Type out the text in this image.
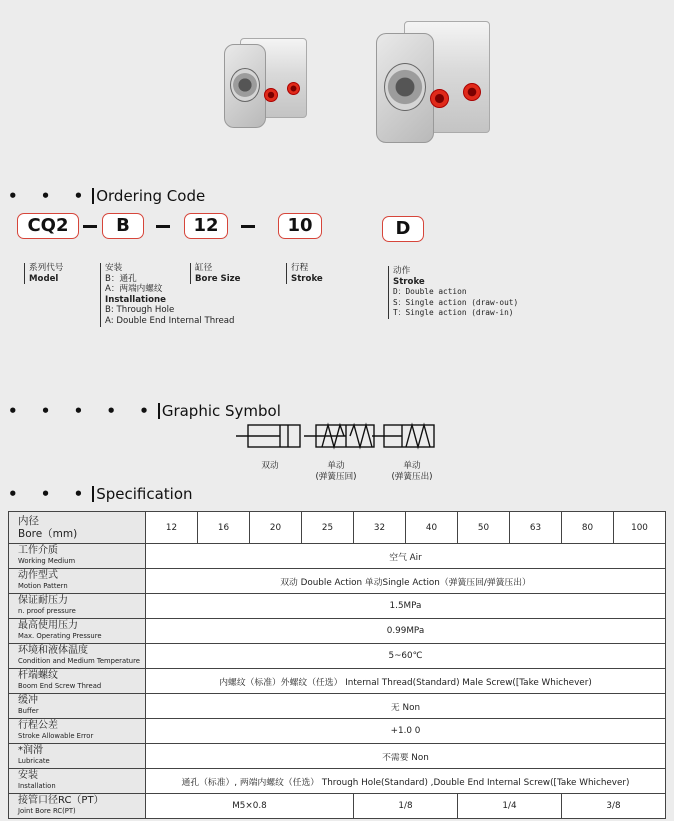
• • • Ordering Code
CQ2	B	12	10	D
系列代号
Model
安装
B：通孔
A：两端内螺纹
Installatione
B: Through Hole
A: Double End Internal Thread
缸径
Bore Size
行程
Stroke
动作
Stroke
D：Double action
S：Single action (draw-out)
T：Single action (draw-in)
• • • • • Graphic Symbol
双动	单动
(弹簧压回)
单动
(弹簧压出)
• • • Specification
内径
Bore（mm)	12	16	20	25	32	40	50	63	80	100

工作介质
Working Medium	空气 Air									

动作型式
Motion Pattern	双动 Double Action 单动Single Action（弹簧压回/弹簧压出）									

保证耐压力
n. proof pressure	1.5MPa									

最高使用压力
Max. Operating Pressure	0.99MPa									

环境和液体温度
Condition and Medium Temperature	5~60℃									

杆端螺纹
Boom End Screw Thread	内螺纹（标准）外螺纹（任选） Internal Thread(Standard) Male Screw([Take Whichever)									

缓冲
Buffer	无 Non									

行程公差
Stroke Allowable Error	+1.0 0									

*润滑
Lubricate	不需要 Non									

安装
Installation	通孔（标准）, 两端内螺纹（任选） Through Hole(Standard) ,Double End Internal Screw([Take Whichever)									

接管口径RC（PT）
Joint Bore RC(PT)	M5×0.8				1/8		1/4		3/8	
